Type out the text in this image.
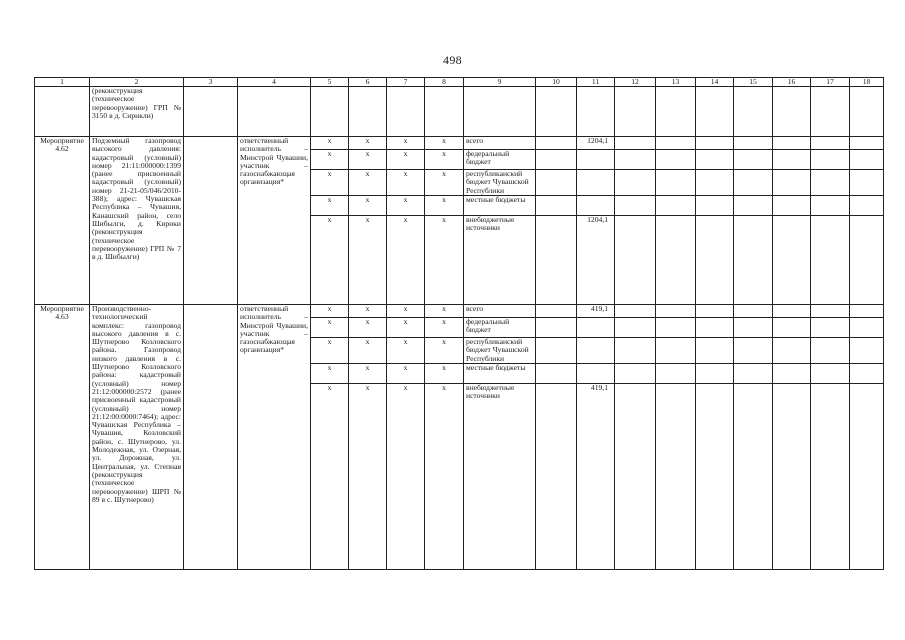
498
1	2	3	4	5	6	7	8	9	10	11	12	13	14	15	16	17	18
	(реконструкция (техническое перевооружение) ГРП № 3150 в д. Сирикли)																
Мероприятие 4.62	Подземный газопровод высокого давления: кадастровый (условный) номер 21:11:000000:1399 (ранее присвоенный кадастровый (условный) номер 21-21-05/046/2010-388); адрес: Чувашская Республика – Чувашия, Канашский район, село Шибылги, д. Кирики (реконструкция (техническое перевооружение) ГРП № 7 в д. Шибылги)		ответственный исполнитель – Минстрой Чувашии, участник – газоснабжающая организация*	x	x	x	x	всего		1204,1							
				x	x	x	x	федеральный бюджет									
				x	x	x	x	республиканский бюджет Чувашской Республики									
				x	x	x	x	местные бюджеты									
				x	x	x	x	внебюджетные источники		1204,1							
Мероприятие 4.63	Производственно-технологический комплекс: газопровод высокого давления в с. Шутнерово Козловского района. Газопровод низкого давления в с. Шутнерово Козловского района: кадастровый (условный) номер 21:12:000000:2572 (ранее присвоенный кадастровый (условный) номер 21:12:00:0000:7464); адрес: Чувашская Республика – Чувашия, Козловский район, с. Шутнерово, ул. Молодежная, ул. Озерная, ул. Дорожная, ул. Центральная, ул. Степная (реконструкция (техническое перевооружение) ШРП № 89 в с. Шутнерово)		ответственный исполнитель – Минстрой Чувашии, участник – газоснабжающая организация*	x	x	x	x	всего		419,1							
				x	x	x	x	федеральный бюджет									
				x	x	x	x	республиканский бюджет Чувашской Республики									
				x	x	x	x	местные бюджеты									
				x	x	x	x	внебюджетные источники		419,1							
